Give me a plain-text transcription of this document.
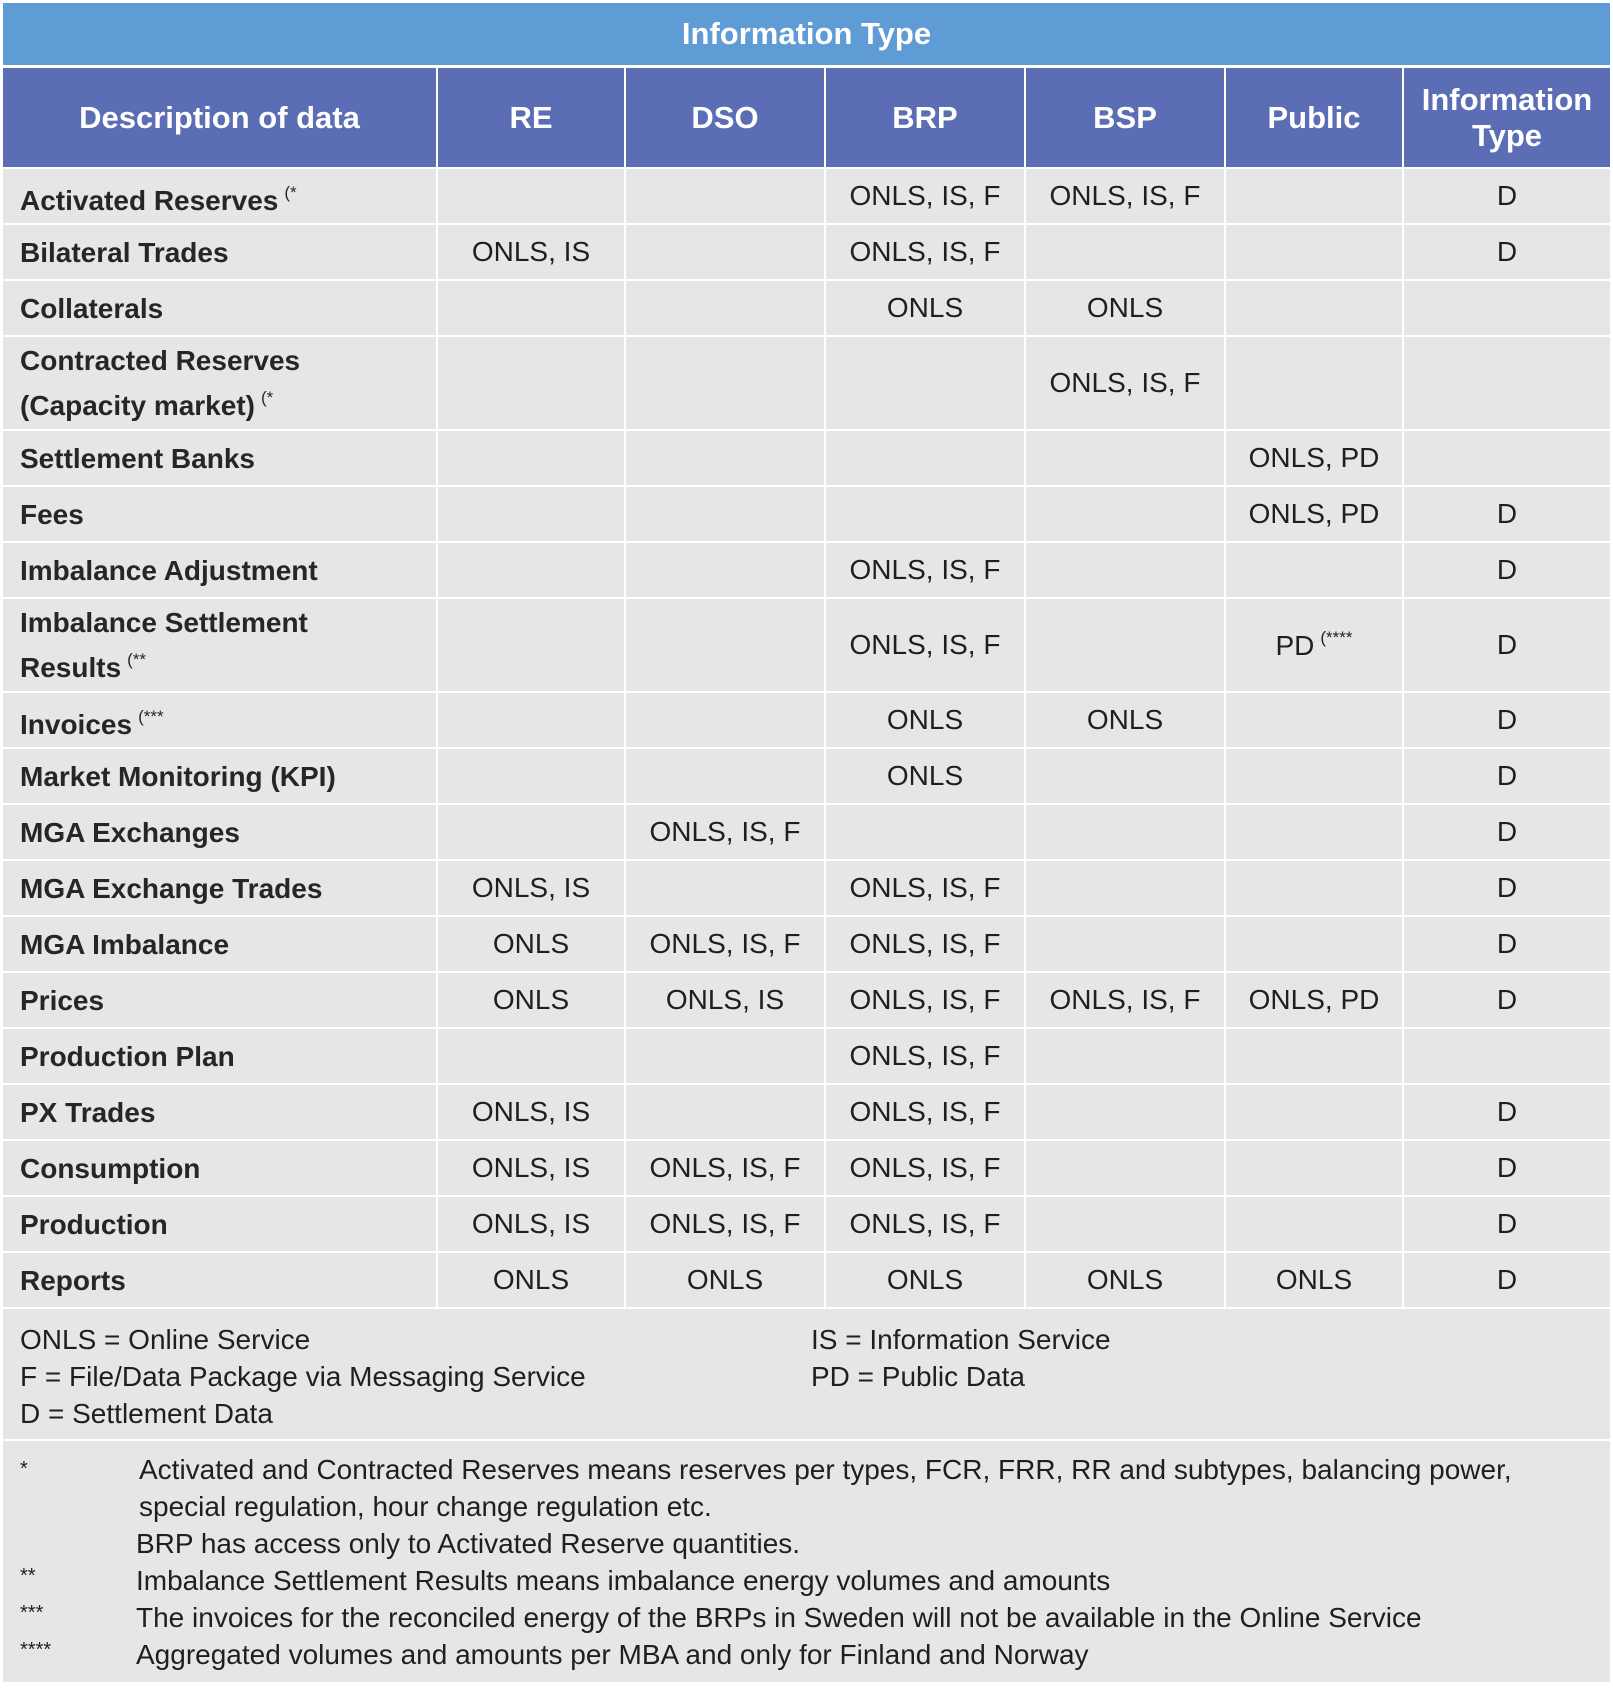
Information Type
Description of data	RE	DSO	BRP	BSP	Public	Information Type
Activated Reserves (*			ONLS, IS, F	ONLS, IS, F		D
Bilateral Trades	ONLS, IS		ONLS, IS, F			D
Collaterals			ONLS	ONLS		

Contracted Reserves
(Capacity market) (*				ONLS, IS, F		
Settlement Banks					ONLS, PD	
Fees					ONLS, PD	D
Imbalance Adjustment			ONLS, IS, F			D

Imbalance Settlement
Results (**			ONLS, IS, F		PD (****	D
Invoices (***			ONLS	ONLS		D
Market Monitoring (KPI)			ONLS			D
MGA Exchanges		ONLS, IS, F				D
MGA Exchange Trades	ONLS, IS		ONLS, IS, F			D
MGA Imbalance	ONLS	ONLS, IS, F	ONLS, IS, F			D
Prices	ONLS	ONLS, IS	ONLS, IS, F	ONLS, IS, F	ONLS, PD	D
Production Plan			ONLS, IS, F			
PX Trades	ONLS, IS		ONLS, IS, F			D
Consumption	ONLS, IS	ONLS, IS, F	ONLS, IS, F			D
Production	ONLS, IS	ONLS, IS, F	ONLS, IS, F			D
Reports	ONLS	ONLS	ONLS	ONLS	ONLS	D
ONLS = Online Service
F = File/Data Package via Messaging Service
D = Settlement Data
IS = Information Service
PD = Public Data
*	Activated and Contracted Reserves means reserves per types, FCR, FRR, RR and subtypes, balancing power,
special regulation, hour change regulation etc.
BRP has access only to Activated Reserve quantities.
**	Imbalance Settlement Results means imbalance energy volumes and amounts
***	The invoices for the reconciled energy of the BRPs in Sweden will not be available in the Online Service
****	Aggregated volumes and amounts per MBA and only for Finland and Norway
